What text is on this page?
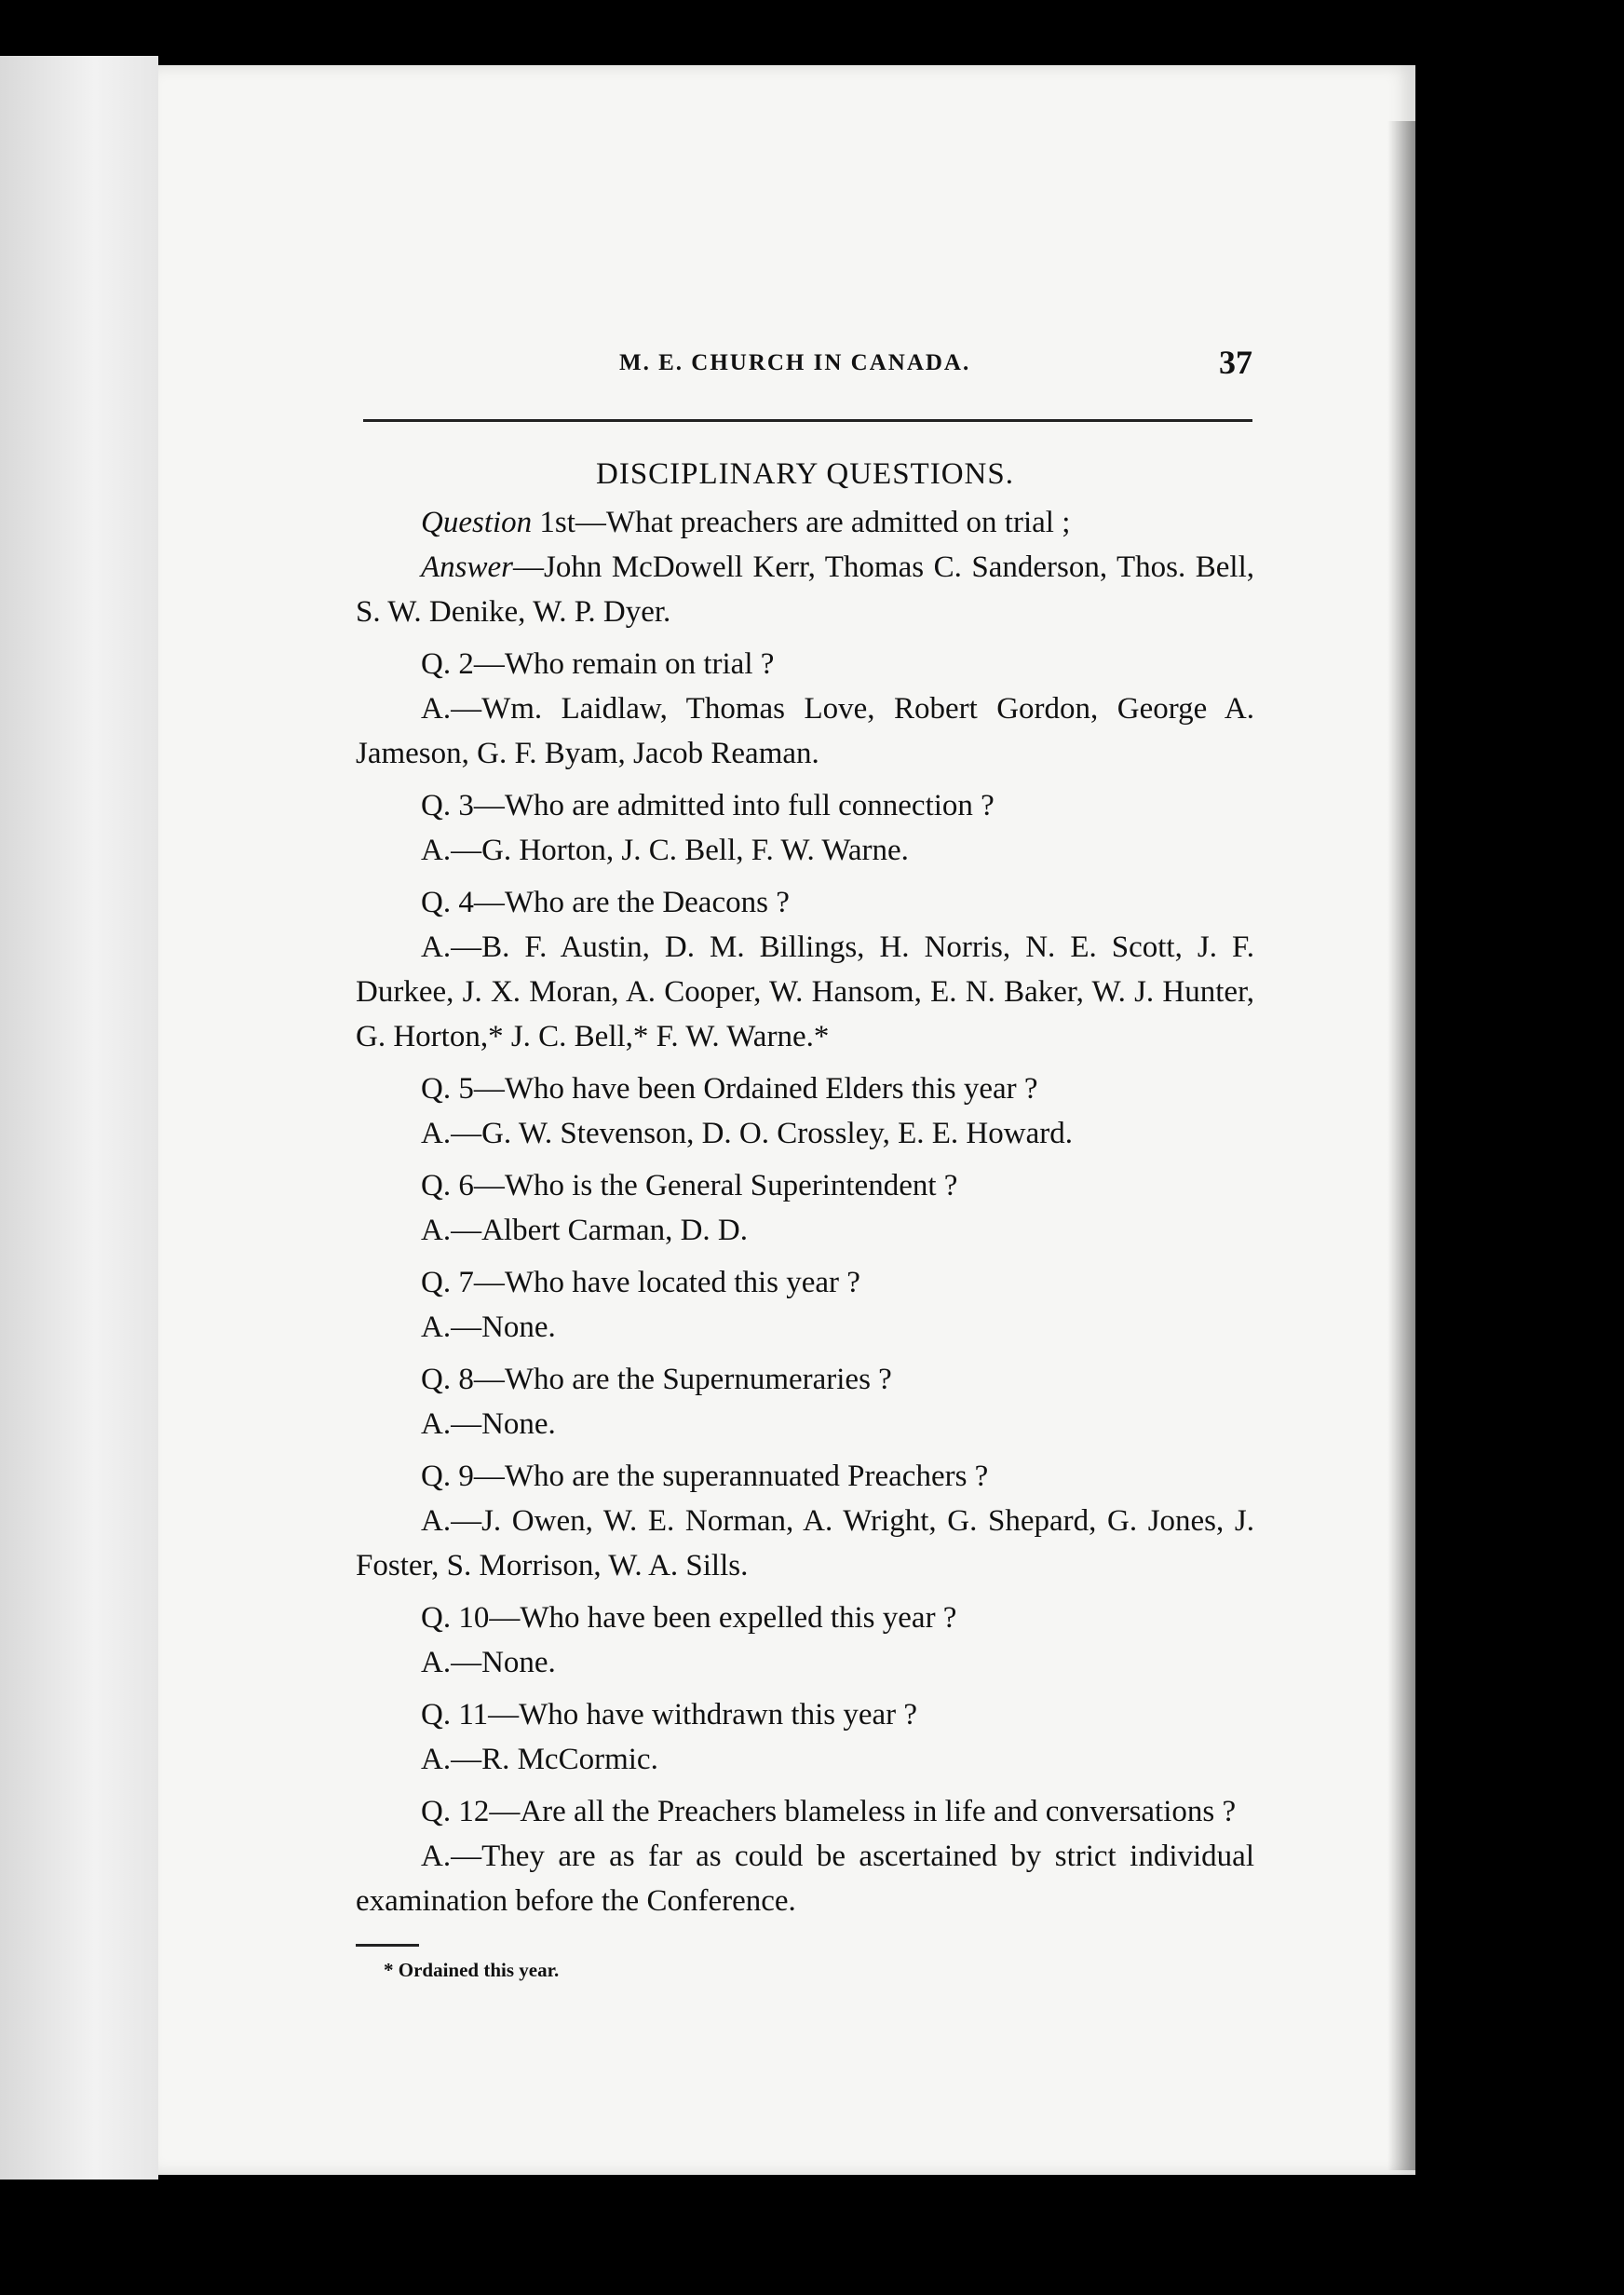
M. E. CHURCH IN CANADA.	37
DISCIPLINARY QUESTIONS.
Question 1st—What preachers are admitted on trial ;
Answer—John McDowell Kerr, Thomas C. Sanderson, Thos. Bell, S. W. Denike, W. P. Dyer.
Q. 2—Who remain on trial ?
A.—Wm. Laidlaw, Thomas Love, Robert Gordon, George A. Jameson, G. F. Byam, Jacob Reaman.
Q. 3—Who are admitted into full connection ?
A.—G. Horton, J. C. Bell, F. W. Warne.
Q. 4—Who are the Deacons ?
A.—B. F. Austin, D. M. Billings, H. Norris, N. E. Scott, J. F. Durkee, J. X. Moran, A. Cooper, W. Hansom, E. N. Baker, W. J. Hunter, G. Horton,* J. C. Bell,* F. W. Warne.*
Q. 5—Who have been Ordained Elders this year ?
A.—G. W. Stevenson, D. O. Crossley, E. E. Howard.
Q. 6—Who is the General Superintendent ?
A.—Albert Carman, D. D.
Q. 7—Who have located this year ?
A.—None.
Q. 8—Who are the Supernumeraries ?
A.—None.
Q. 9—Who are the superannuated Preachers ?
A.—J. Owen, W. E. Norman, A. Wright, G. Shepard, G. Jones, J. Foster, S. Morrison, W. A. Sills.
Q. 10—Who have been expelled this year ?
A.—None.
Q. 11—Who have withdrawn this year ?
A.—R. McCormic.
Q. 12—Are all the Preachers blameless in life and conversations ?
A.—They are as far as could be ascertained by strict individual examination before the Conference.
* Ordained this year.
